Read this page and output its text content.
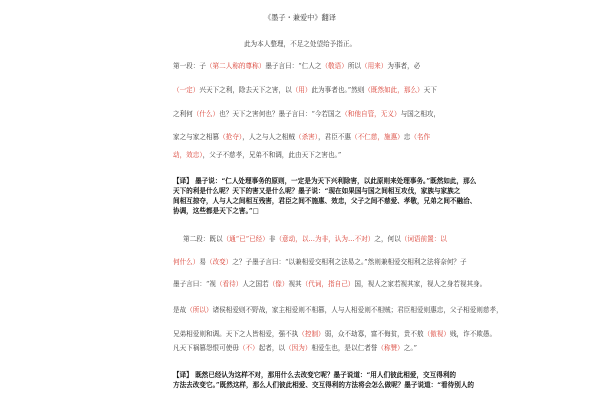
《墨子・兼爱中》翻译
此为本人整理，不足之处望给予指正。
第一段：子（第二人称的尊称）墨子言曰：“仁人之（敬语）所以（用来）为事者，必
（一定）兴天下之利，除去天下之害，以（用）此为事者也。”然则（既然如此，那么）天下
之利何（什么）也？天下之害何也？墨子言曰：“今若国之（和他自管，无义）与国之相攻，
家之与家之相篡（抢夺），人之与人之相贼（杀害），君臣不惠（不仁慈，施惠）忠（名作
动，效忠），父子不慈孝，兄弟不和调，此由天下之害也。”
【译】 墨子说：“仁人处理事务的原则，一定是为天下兴利除害，以此原则来处理事务。”既然如此，那么
天下的利是什么呢？天下的害又是什么呢？墨子说：“现在如果国与国之间相互攻伐，家族与家族之
间相互掠夺，人与人之间相互残害，君臣之间不施惠、效忠，父子之间不慈爱、孝敬，兄弟之间不融洽、
协调，这些都是天下之害。”□
第二段：既以（通“已”已经）非（意动，以…为非，认为…不对）之，何以（词语前置：以
何什么）易（改变）之？子墨子言曰：“以兼相爱交相利之法易之。”然则兼相爱交相利之法将奈何？子
墨子言曰：“视（看待）人之国若（像）视其（代词，指自己）国，视人之家若视其家，视人之身若视其身。
是故（所以）诸侯相爱则不野战，家主相爱则不相篡，人与人相爱则不相贼；君臣相爱则惠忠，父子相爱则慈孝，
兄弟相爱则和调。天下之人皆相爱，强不执（控制）弱，众不劫寡，富不侮贫，贵不敖（傲视）贱，诈不欺愚。
凡天下祸篡怨恨可使毋（不）起者，以（因为）相爱生也，是以仁者誉（称赞）之。”
【译】 既然已经认为这样不对，那用什么去改变它呢？墨子说道：“用人们彼此相爱，交互得利的
方法去改变它。”既然这样，那么人们彼此相爱、交互得利的方法将会怎么做呢？墨子说道：“看待别人的
